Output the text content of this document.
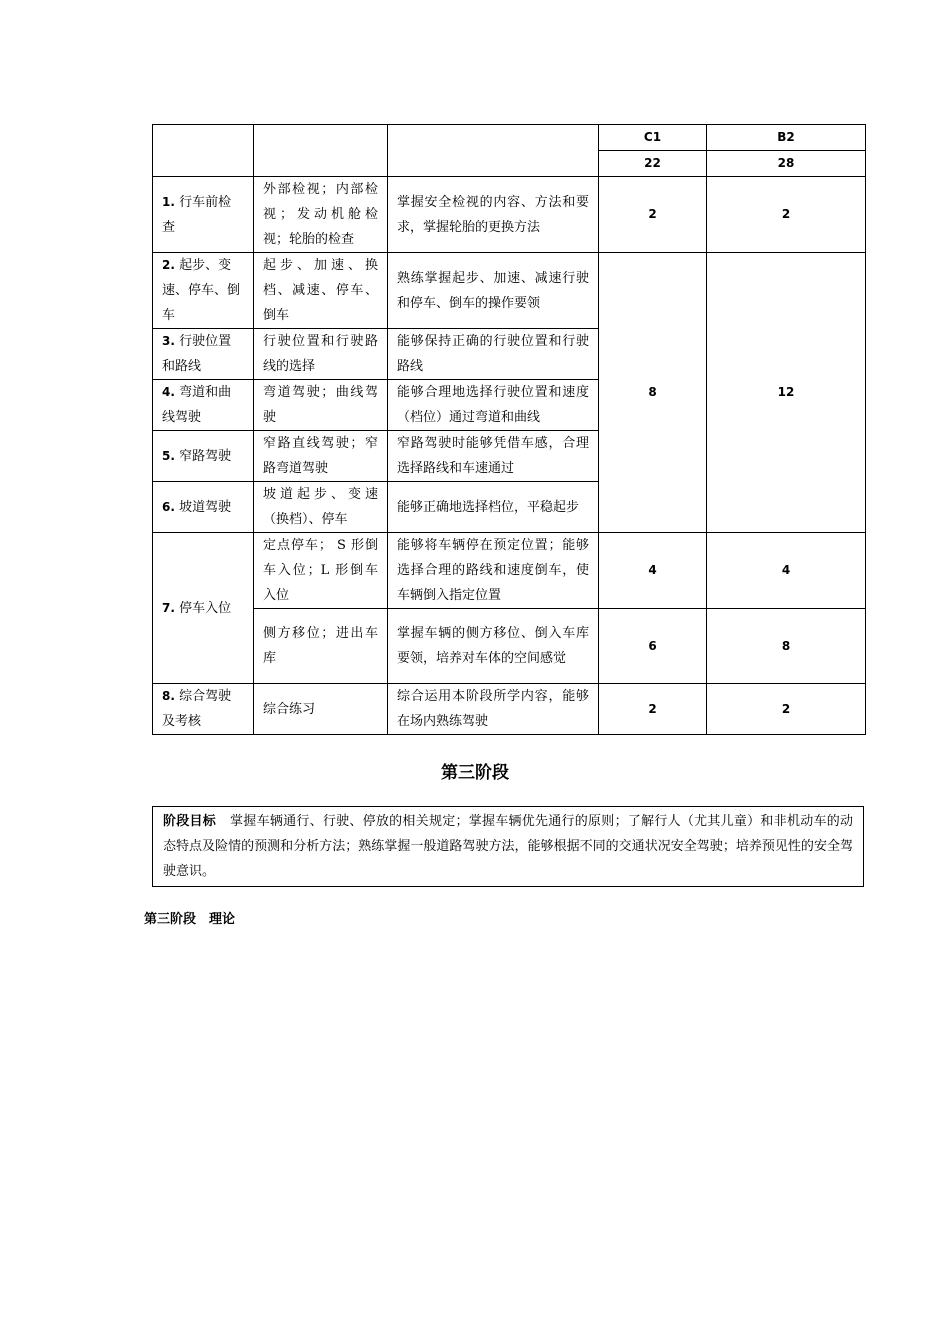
			C1	B2
			22	28
1. 行车前检查	外部检视；内部检视；发动机舱检视；轮胎的检查	掌握安全检视的内容、方法和要求，掌握轮胎的更换方法	2	2
2. 起步、变速、停车、倒车	起步、加速、换档、减速、停车、倒车	熟练掌握起步、加速、减速行驶和停车、倒车的操作要领	8	12
3. 行驶位置和路线	行驶位置和行驶路线的选择	能够保持正确的行驶位置和行驶路线		
4. 弯道和曲线驾驶	弯道驾驶；曲线驾驶	能够合理地选择行驶位置和速度（档位）通过弯道和曲线		
5. 窄路驾驶	窄路直线驾驶；窄路弯道驾驶	窄路驾驶时能够凭借车感，合理选择路线和车速通过		
6. 坡道驾驶	坡道起步、变速（换档）、停车	能够正确地选择档位，平稳起步		
7. 停车入位	定点停车； S 形倒车入位；L 形倒车入位	能够将车辆停在预定位置；能够选择合理的路线和速度倒车，使车辆倒入指定位置	4	4
	侧方移位；进出车库	掌握车辆的侧方移位、倒入车库要领，培养对车体的空间感觉	6	8
8. 综合驾驶及考核	综合练习	综合运用本阶段所学内容，能够在场内熟练驾驶	2	2
第三阶段
阶段目标 掌握车辆通行、行驶、停放的相关规定；掌握车辆优先通行的原则；了解行人（尤其儿童）和非机动车的动态特点及险情的预测和分析方法；熟练掌握一般道路驾驶方法，能够根据不同的交通状况安全驾驶；培养预见性的安全驾驶意识。
第三阶段　理论
